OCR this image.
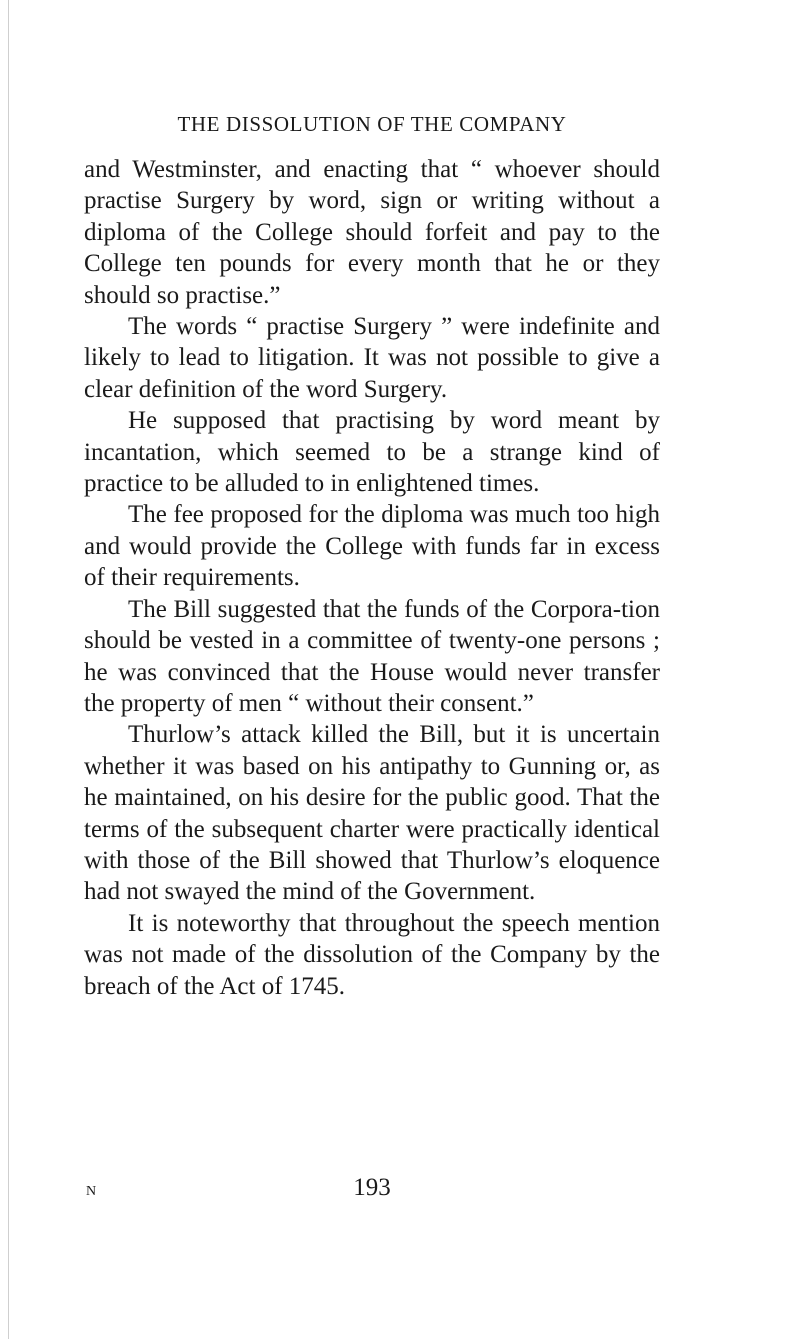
THE DISSOLUTION OF THE COMPANY

and Westminster, and enacting that “ whoever should practise Surgery by word, sign or writing without a diploma of the College should forfeit and pay to the College ten pounds for every month that he or they should so practise.”

The words “ practise Surgery ” were indefinite and likely to lead to litigation. It was not possible to give a clear definition of the word Surgery.

He supposed that practising by word meant by incantation, which seemed to be a strange kind of practice to be alluded to in enlightened times.

The fee proposed for the diploma was much too high and would provide the College with funds far in excess of their requirements.

The Bill suggested that the funds of the Corpora-tion should be vested in a committee of twenty-one persons ; he was convinced that the House would never transfer the property of men “ without their consent.”

Thurlow’s attack killed the Bill, but it is uncertain whether it was based on his antipathy to Gunning or, as he maintained, on his desire for the public good. That the terms of the subsequent charter were practically identical with those of the Bill showed that Thurlow’s eloquence had not swayed the mind of the Government.

It is noteworthy that throughout the speech mention was not made of the dissolution of the Company by the breach of the Act of 1745.

N	193
